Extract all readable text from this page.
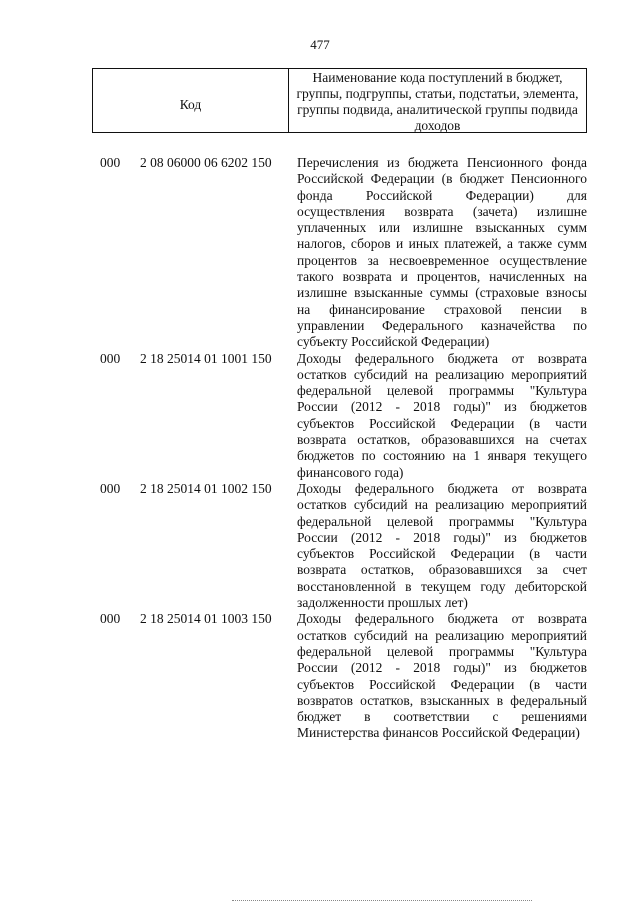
477
Код
Наименование кода поступлений в бюджет, группы, подгруппы, статьи, подстатьи, элемента, группы подвида, аналитической группы подвида доходов
000 2 08 06000 06 6202 150 Перечисления из бюджета Пенсионного фонда Российской Федерации (в бюджет Пенсионного фонда Российской Федерации) для осуществления возврата (зачета) излишне уплаченных или излишне взысканных сумм налогов, сборов и иных платежей, а также сумм процентов за несвоевременное осуществление такого возврата и процентов, начисленных на излишне взысканные суммы (страховые взносы на финансирование страховой пенсии в управлении Федерального казначейства по субъекту Российской Федерации)
000 2 18 25014 01 1001 150 Доходы федерального бюджета от возврата остатков субсидий на реализацию мероприятий федеральной целевой программы "Культура России (2012 - 2018 годы)" из бюджетов субъектов Российской Федерации (в части возврата остатков, образовавшихся на счетах бюджетов по состоянию на 1 января текущего финансового года)
000 2 18 25014 01 1002 150 Доходы федерального бюджета от возврата остатков субсидий на реализацию мероприятий федеральной целевой программы "Культура России (2012 - 2018 годы)" из бюджетов субъектов Российской Федерации (в части возврата остатков, образовавшихся за счет восстановленной в текущем году дебиторской задолженности прошлых лет)
000 2 18 25014 01 1003 150 Доходы федерального бюджета от возврата остатков субсидий на реализацию мероприятий федеральной целевой программы "Культура России (2012 - 2018 годы)" из бюджетов субъектов Российской Федерации (в части возвратов остатков, взысканных в федеральный бюджет в соответствии с решениями Министерства финансов Российской Федерации)
